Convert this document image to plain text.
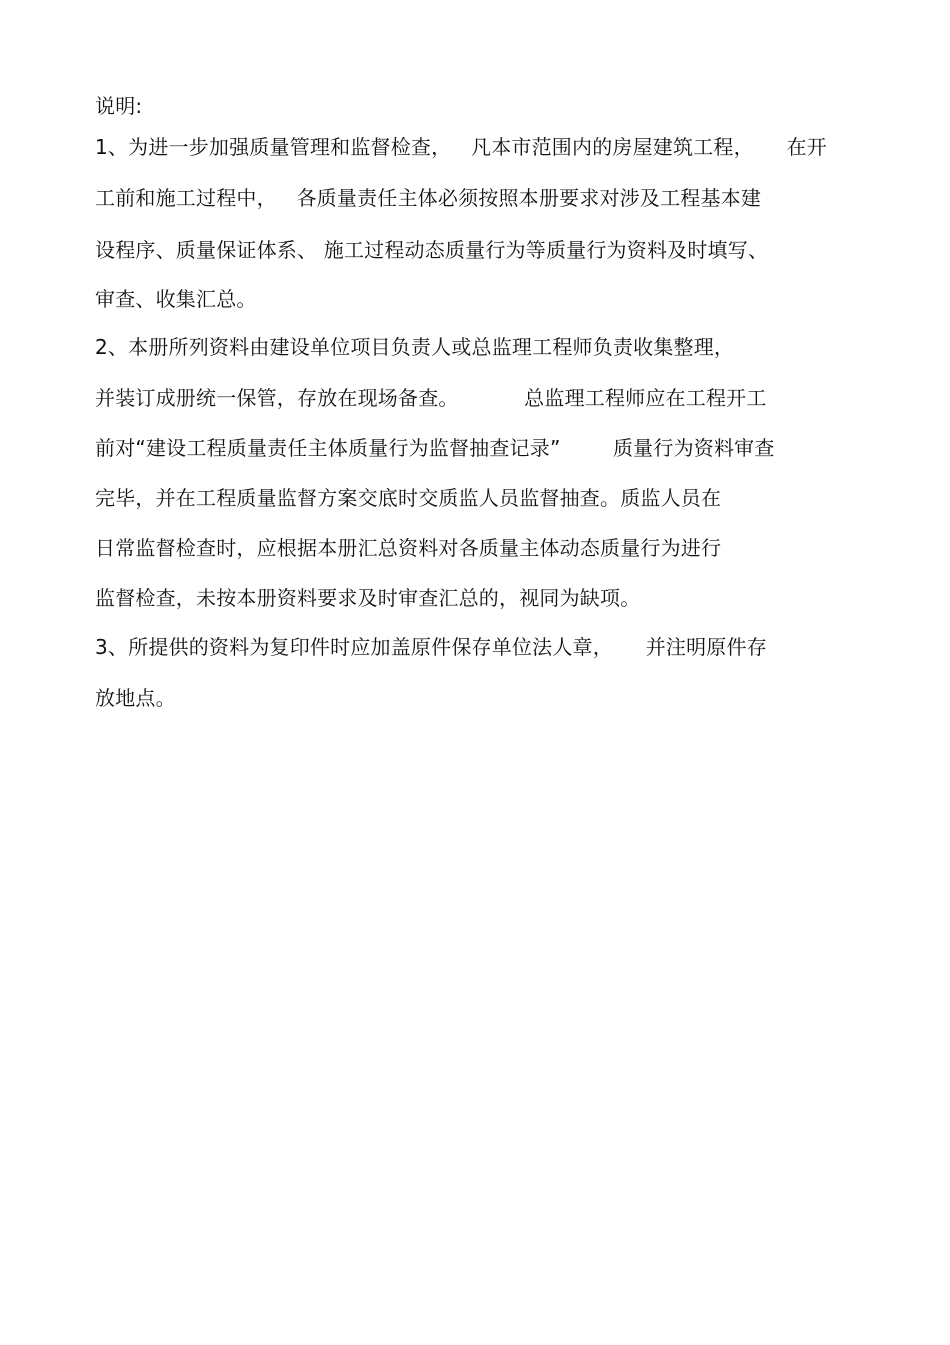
说明:
1、为进一步加强质量管理和监督检查，   凡本市范围内的房屋建筑工程，     在开
工前和施工过程中，   各质量责任主体必须按照本册要求对涉及工程基本建
设程序、质量保证体系、 施工过程动态质量行为等质量行为资料及时填写、
审查、收集汇总。
2、本册所列资料由建设单位项目负责人或总监理工程师负责收集整理，
并装订成册统一保管，存放在现场备查。          总监理工程师应在工程开工
前对“建设工程质量责任主体质量行为监督抽查记录”        质量行为资料审查
完毕，并在工程质量监督方案交底时交质监人员监督抽查。质监人员在
日常监督检查时，应根据本册汇总资料对各质量主体动态质量行为进行
监督检查，未按本册资料要求及时审查汇总的，视同为缺项。
3、所提供的资料为复印件时应加盖原件保存单位法人章，     并注明原件存
放地点。
